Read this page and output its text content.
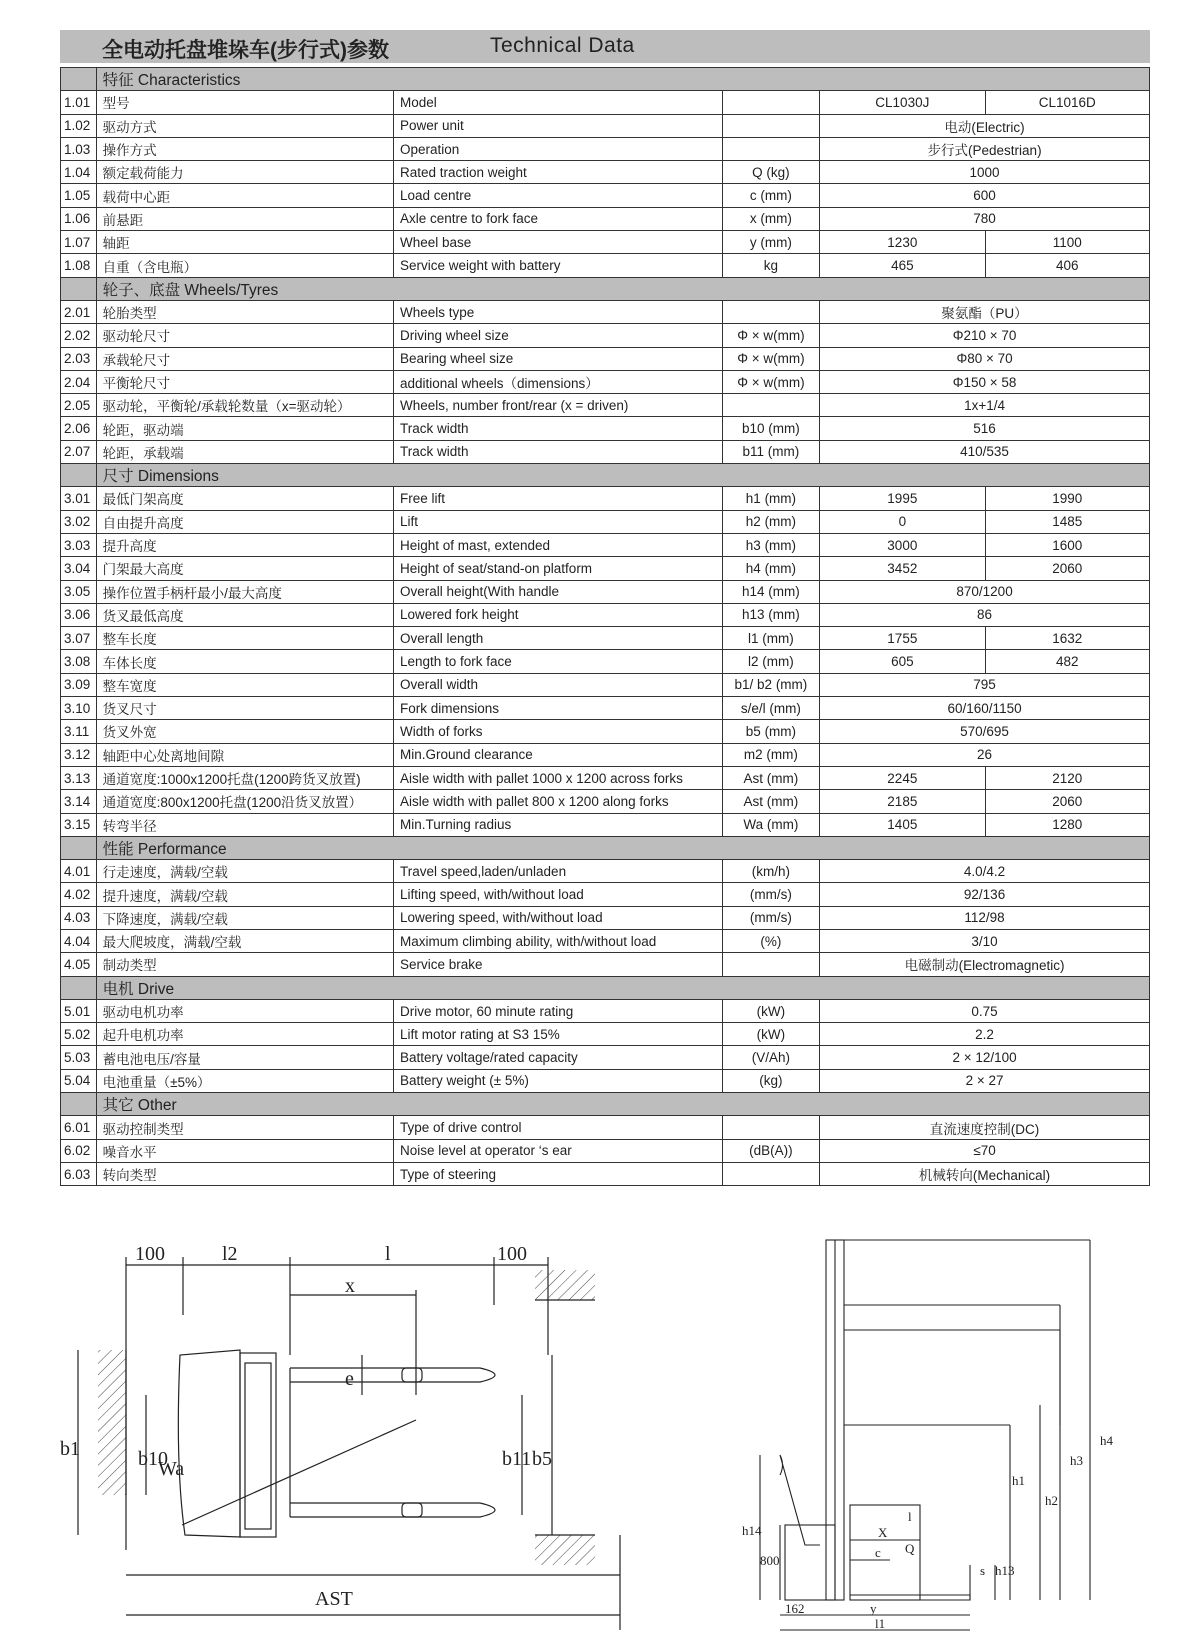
全电动托盘堆垛车(步行式)参数	Technical Data
	特征 Characteristics				
1.01	型号	Model		CL1030J	CL1016D
1.02	驱动方式	Power unit		电动(Electric)	
1.03	操作方式	Operation		步行式(Pedestrian)	
1.04	额定载荷能力	Rated traction weight	Q (kg)	1000	
1.05	载荷中心距	Load centre	c (mm)	600	
1.06	前悬距	Axle centre to fork face	x (mm)	780	
1.07	轴距	Wheel base	y (mm)	1230	1100
1.08	自重（含电瓶）	Service weight with battery	kg	465	406
	轮子、底盘 Wheels/Tyres				
2.01	轮胎类型	Wheels type		聚氨酯（PU）	
2.02	驱动轮尺寸	Driving wheel size	Φ × w(mm)	Φ210 × 70	
2.03	承载轮尺寸	Bearing wheel size	Φ × w(mm)	Φ80 × 70	
2.04	平衡轮尺寸	additional wheels（dimensions）	Φ × w(mm)	Φ150 × 58	
2.05	驱动轮，平衡轮/承载轮数量（x=驱动轮）	Wheels, number front/rear (x = driven)		1x+1/4	
2.06	轮距，驱动端	Track width	b10 (mm)	516	
2.07	轮距，承载端	Track width	b11 (mm)	410/535	
	尺寸 Dimensions				
3.01	最低门架高度	Free lift	h1 (mm)	1995	1990
3.02	自由提升高度	Lift	h2 (mm)	0	1485
3.03	提升高度	Height of mast, extended	h3 (mm)	3000	1600
3.04	门架最大高度	Height of seat/stand-on platform	h4 (mm)	3452	2060
3.05	操作位置手柄杆最小/最大高度	Overall height(With handle	h14 (mm)	870/1200	
3.06	货叉最低高度	Lowered fork height	h13 (mm)	86	
3.07	整车长度	Overall length	l1 (mm)	1755	1632
3.08	车体长度	Length to fork face	l2 (mm)	605	482
3.09	整车宽度	Overall width	b1/ b2 (mm)	795	
3.10	货叉尺寸	Fork dimensions	s/e/l (mm)	60/160/1150	
3.11	货叉外宽	Width of forks	b5 (mm)	570/695	
3.12	轴距中心处离地间隙	Min.Ground clearance	m2 (mm)	26	
3.13	通道宽度:1000x1200托盘(1200跨货叉放置)	Aisle width with pallet 1000 x 1200 across forks	Ast (mm)	2245	2120
3.14	通道宽度:800x1200托盘(1200沿货叉放置）	Aisle width with pallet 800 x 1200 along forks	Ast (mm)	2185	2060
3.15	转弯半径	Min.Turning radius	Wa (mm)	1405	1280
	性能 Performance				
4.01	行走速度，满载/空载	Travel speed,laden/unladen	(km/h)	4.0/4.2	
4.02	提升速度，满载/空载	Lifting speed, with/without load	(mm/s)	92/136	
4.03	下降速度，满载/空载	Lowering speed, with/without load	(mm/s)	112/98	
4.04	最大爬坡度，满载/空载	Maximum climbing ability, with/without load	(%)	3/10	
4.05	制动类型	Service brake		电磁制动(Electromagnetic)	
	电机 Drive				
5.01	驱动电机功率	Drive motor, 60 minute rating	(kW)	0.75	
5.02	起升电机功率	Lift motor rating at S3 15%	(kW)	2.2	
5.03	蓄电池电压/容量	Battery voltage/rated capacity	(V/Ah)	2 × 12/100	
5.04	电池重量（±5%）	Battery weight (± 5%)	(kg)	2 × 27	
	其它 Other				
6.01	驱动控制类型	Type of drive control		直流速度控制(DC)	
6.02	噪音水平	Noise level at operator ‘s ear	(dB(A))	≤70	
6.03	转向类型	Type of steering		机械转向(Mechanical)	
100	l2	l	100
x
e
b1	b10	b11 b5
Wa
AST
h4
h3
h1
h2
h14
800
X
l
c Q
s h13
162	y
l1
